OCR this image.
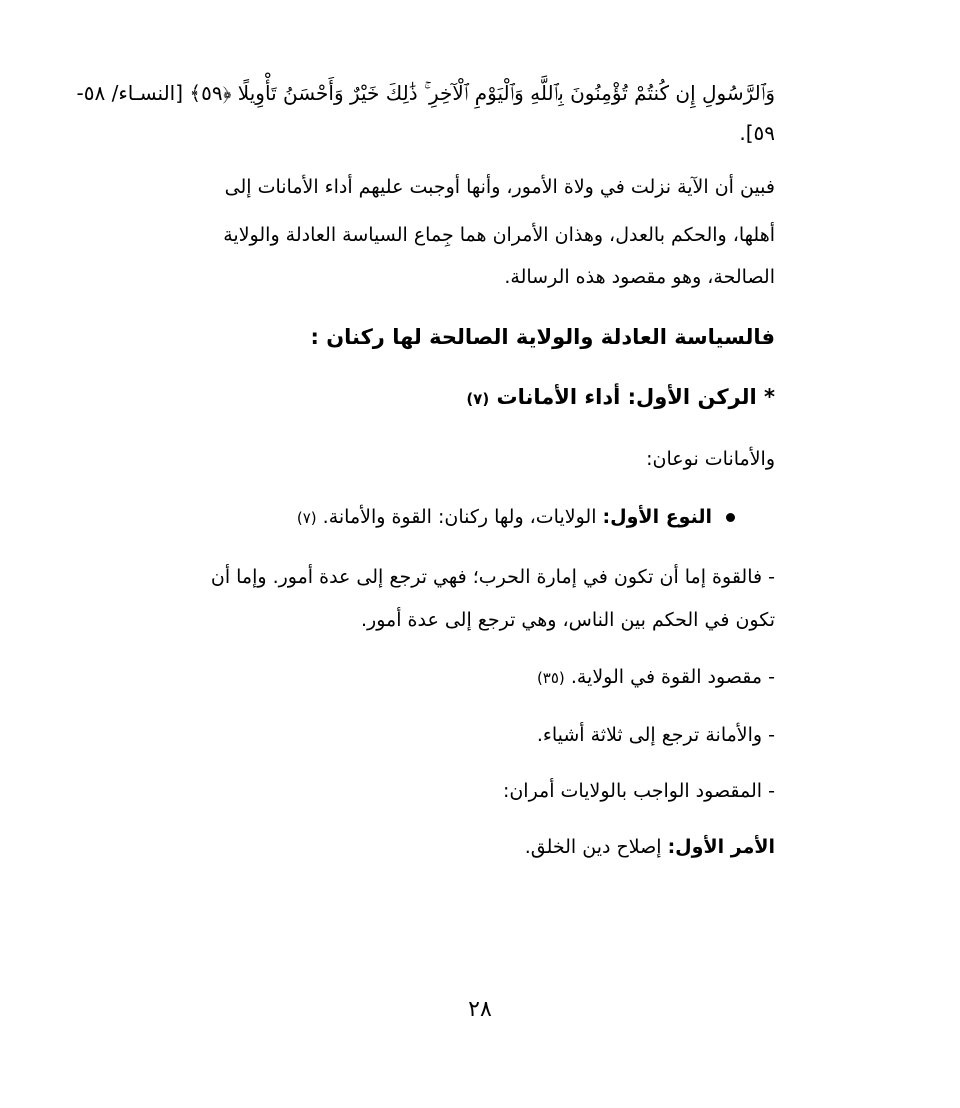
وَٱلرَّسُولِ إِن كُنتُمْ تُؤْمِنُونَ بِٱللَّهِ وَٱلْيَوْمِ ٱلْآخِرِ ۚ ذَٰلِكَ خَيْرٌ وَأَحْسَنُ تَأْوِيلًا ﴿٥٩﴾ [النسـاء/ ٥٨-
٥٩].
فبين أن الآية نزلت في ولاة الأمور، وأنها أوجبت عليهم أداء الأمانات إلى
أهلها، والحكم بالعدل، وهذان الأمران هما جِماع السياسة العادلة والولاية
الصالحة، وهو مقصود هذه الرسالة.
فالسياسة العادلة والولاية الصالحة لها ركنان :
* الركن الأول: أداء الأمانات (٧)
والأمانات نوعان:
النوع الأول: الولايات، ولها ركنان: القوة والأمانة. (٧)
- فالقوة إما أن تكون في إمارة الحرب؛ فهي ترجع إلى عدة أمور. وإما أن
تكون في الحكم بين الناس، وهي ترجع إلى عدة أمور.
- مقصود القوة في الولاية. (٣٥)
- والأمانة ترجع إلى ثلاثة أشياء.
- المقصود الواجب بالولايات أمران:
الأمر الأول: إصلاح دين الخلق.
٢٨
